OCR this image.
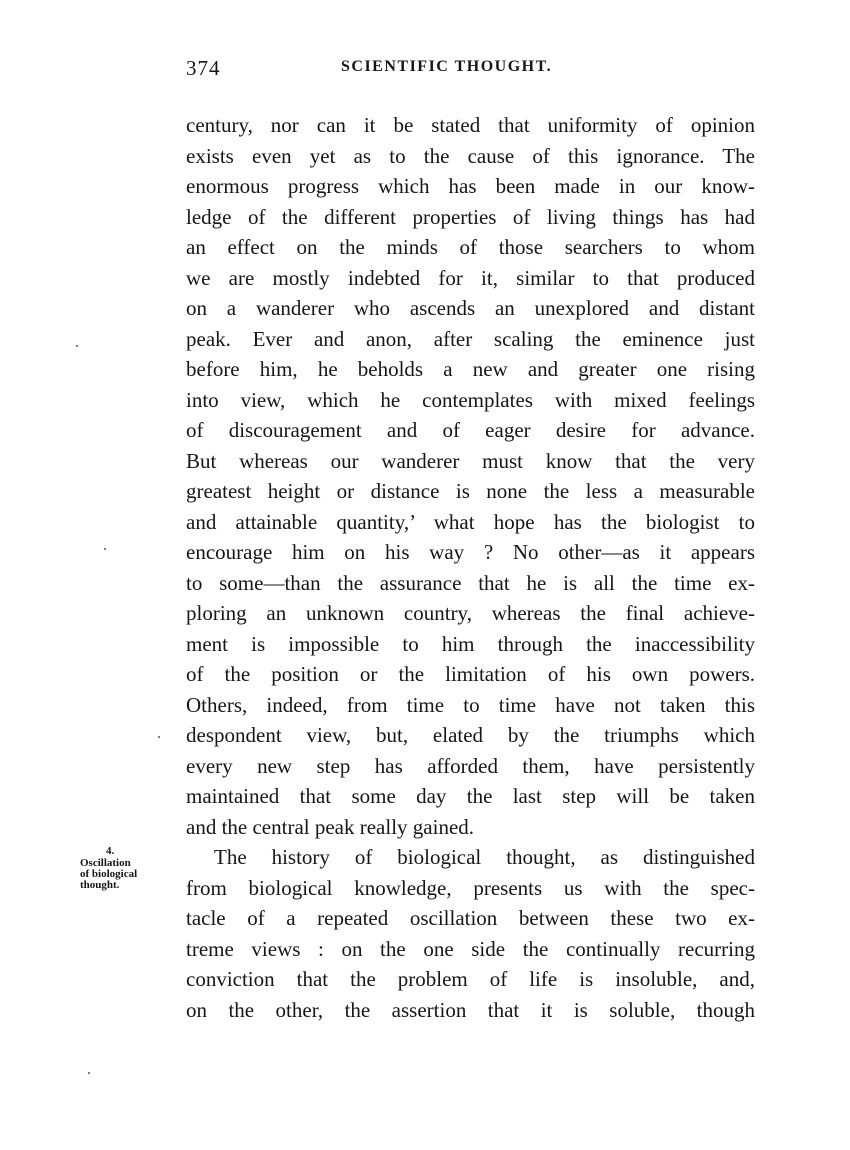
374	SCIENTIFIC THOUGHT.
4.
Oscillation
of biological
thought.
century, nor can it be stated that uniformity of opinion
exists even yet as to the cause of this ignorance. The
enormous progress which has been made in our know-
ledge of the different properties of living things has had
an effect on the minds of those searchers to whom
we are mostly indebted for it, similar to that produced
on a wanderer who ascends an unexplored and distant
peak. Ever and anon, after scaling the eminence just
before him, he beholds a new and greater one rising
into view, which he contemplates with mixed feelings
of discouragement and of eager desire for advance.
But whereas our wanderer must know that the very
greatest height or distance is none the less a measurable
and attainable quantity,’ what hope has the biologist to
encourage him on his way ? No other—as it appears
to some—than the assurance that he is all the time ex-
ploring an unknown country, whereas the final achieve-
ment is impossible to him through the inaccessibility
of the position or the limitation of his own powers.
Others, indeed, from time to time have not taken this
despondent view, but, elated by the triumphs which
every new step has afforded them, have persistently
maintained that some day the last step will be taken
and the central peak really gained.
The history of biological thought, as distinguished
from biological knowledge, presents us with the spec-
tacle of a repeated oscillation between these two ex-
treme views : on the one side the continually recurring
conviction that the problem of life is insoluble, and,
on the other, the assertion that it is soluble, though
